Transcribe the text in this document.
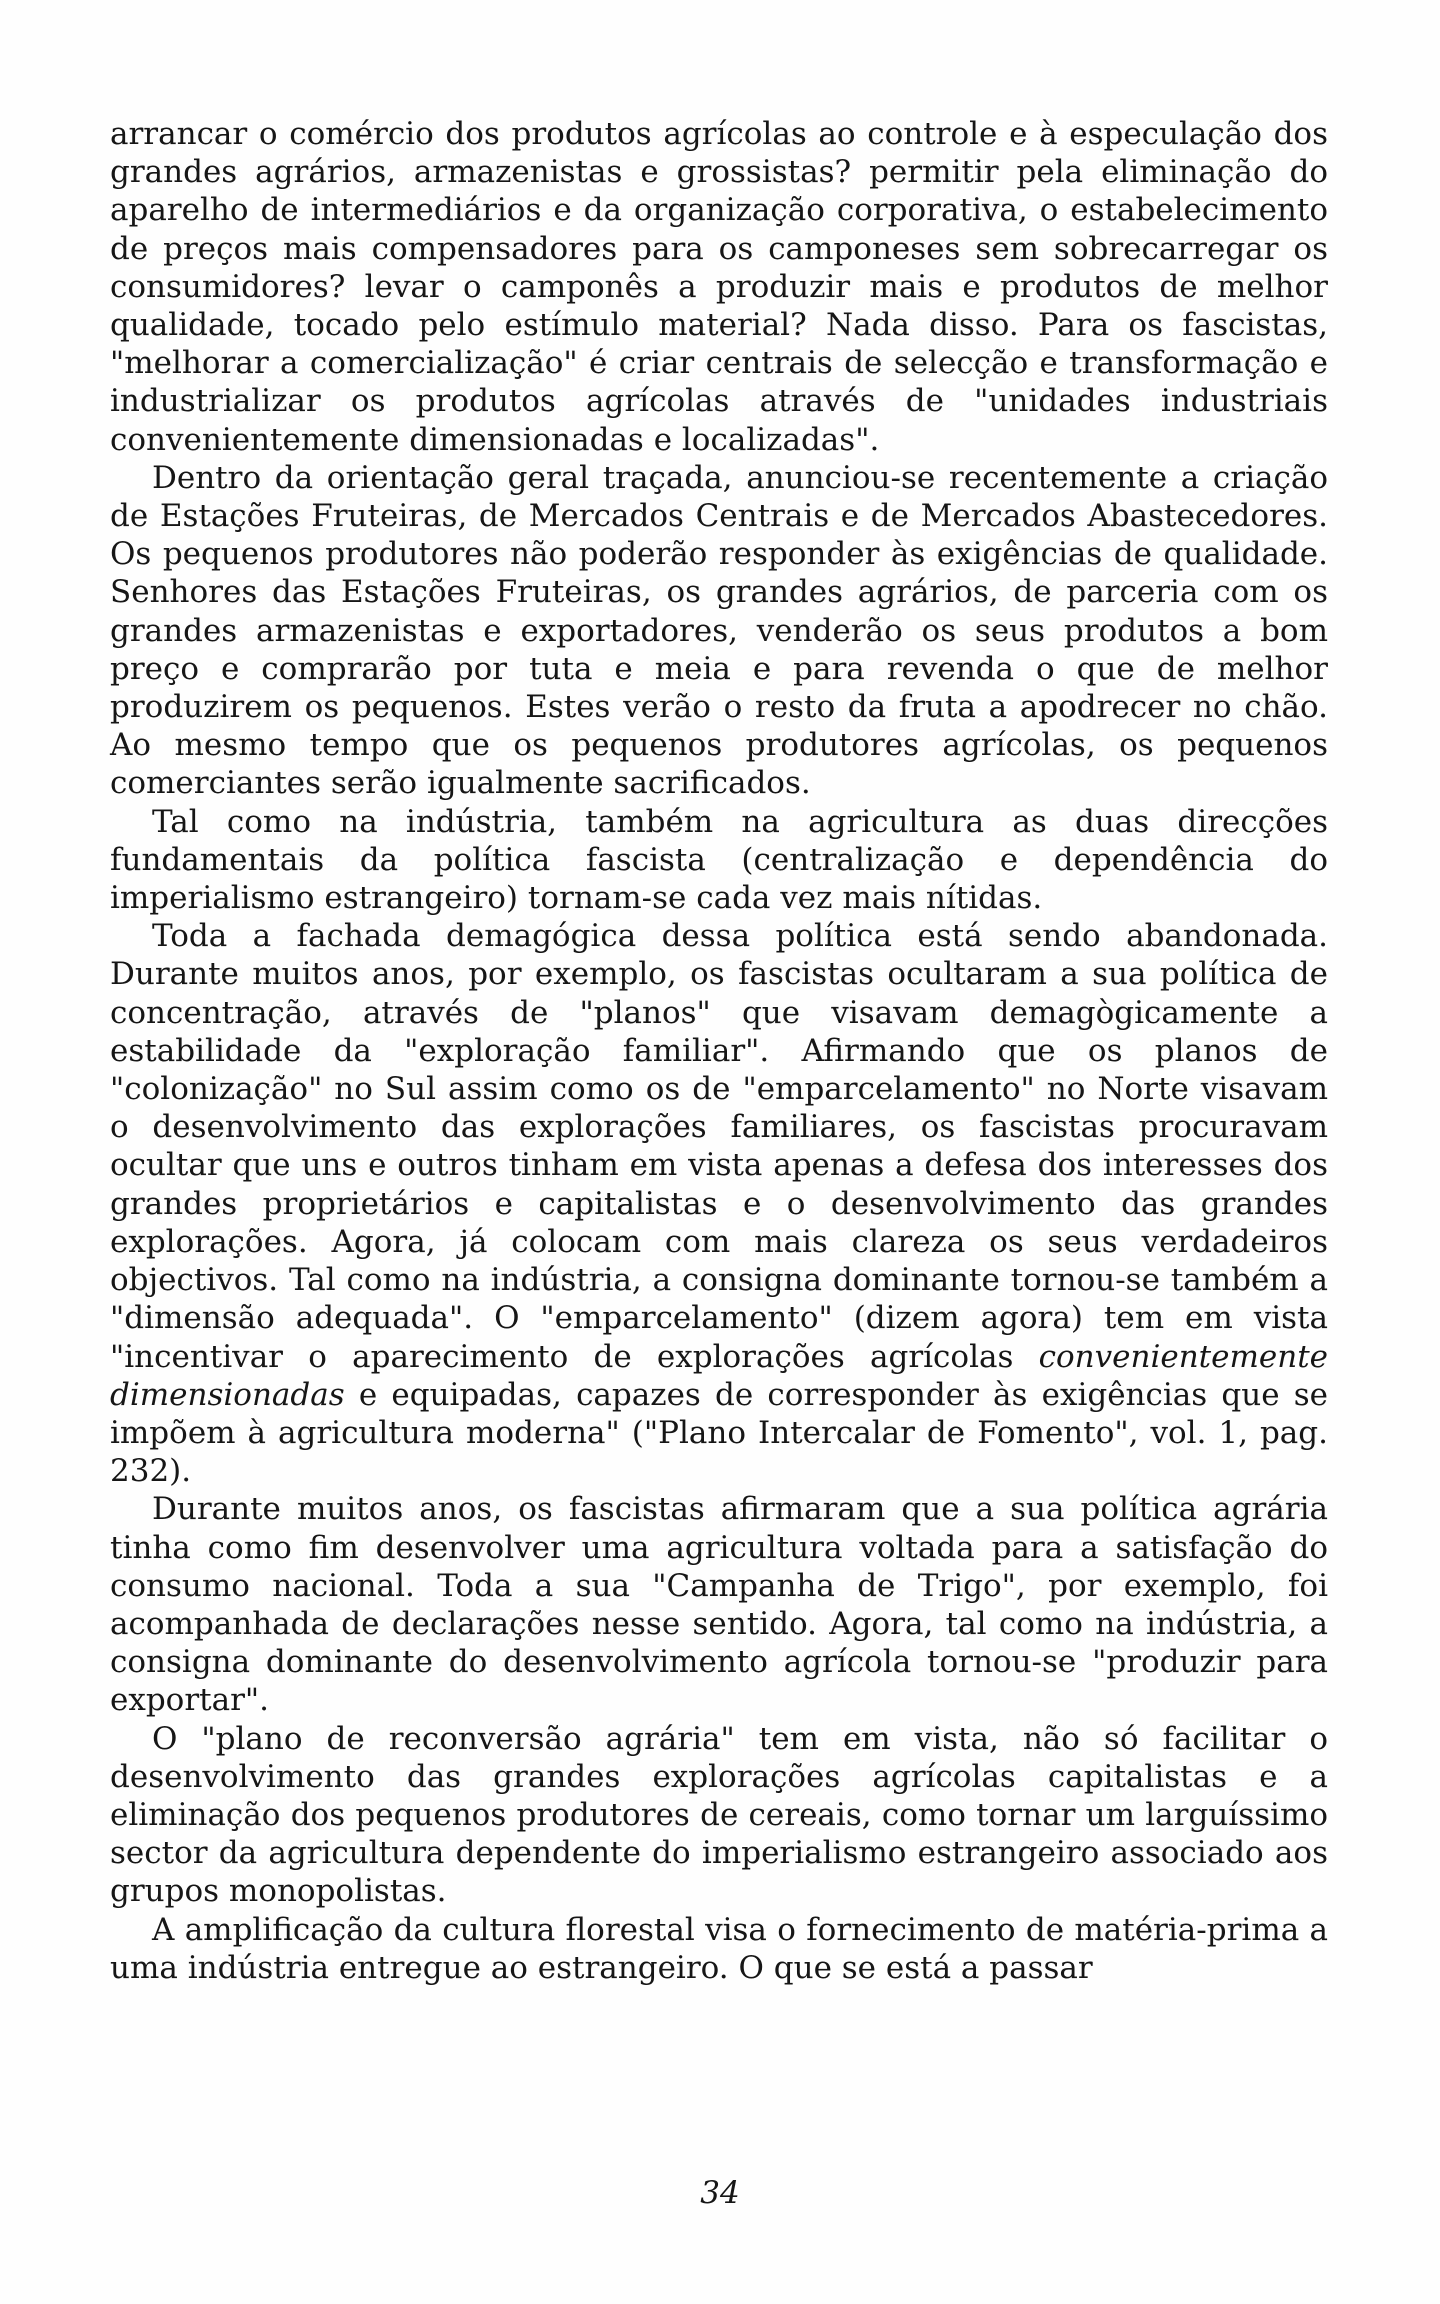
arrancar o comércio dos produtos agrícolas ao controle e à especulação dos grandes agrários, armazenistas e grossistas? permitir pela eliminação do aparelho de intermediários e da organização corporativa, o estabelecimento de preços mais compensadores para os camponeses sem sobrecarregar os consumidores? levar o camponês a produzir mais e produtos de melhor qualidade, tocado pelo estímulo material? Nada disso. Para os fascistas, "melhorar a comercialização" é criar centrais de selecção e transformação e industrializar os produtos agrícolas através de "unidades industriais convenientemente dimensionadas e localizadas".

Dentro da orientação geral traçada, anunciou-se recentemente a criação de Estações Fruteiras, de Mercados Centrais e de Mercados Abastecedores. Os pequenos produtores não poderão responder às exigências de qualidade. Senhores das Estações Fruteiras, os grandes agrários, de parceria com os grandes armazenistas e exportadores, venderão os seus produtos a bom preço e comprarão por tuta e meia e para revenda o que de melhor produzirem os pequenos. Estes verão o resto da fruta a apodrecer no chão. Ao mesmo tempo que os pequenos produtores agrícolas, os pequenos comerciantes serão igualmente sacrificados.

Tal como na indústria, também na agricultura as duas direcções fundamentais da política fascista (centralização e dependência do imperialismo estrangeiro) tornam-se cada vez mais nítidas.

Toda a fachada demagógica dessa política está sendo abandonada. Durante muitos anos, por exemplo, os fascistas ocultaram a sua política de concentração, através de "planos" que visavam demagògicamente a estabilidade da "exploração familiar". Afirmando que os planos de "colonização" no Sul assim como os de "emparcelamento" no Norte visavam o desenvolvimento das explorações familiares, os fascistas procuravam ocultar que uns e outros tinham em vista apenas a defesa dos interesses dos grandes proprietários e capitalistas e o desenvolvimento das grandes explorações. Agora, já colocam com mais clareza os seus verdadeiros objectivos. Tal como na indústria, a consigna dominante tornou-se também a "dimensão adequada". O "emparcelamento" (dizem agora) tem em vista "incentivar o aparecimento de explorações agrícolas convenientemente dimensionadas e equipadas, capazes de corresponder às exigências que se impõem à agricultura moderna" ("Plano Intercalar de Fomento", vol. 1, pag. 232).

Durante muitos anos, os fascistas afirmaram que a sua política agrária tinha como fim desenvolver uma agricultura voltada para a satisfação do consumo nacional. Toda a sua "Campanha de Trigo", por exemplo, foi acompanhada de declarações nesse sentido. Agora, tal como na indústria, a consigna dominante do desenvolvimento agrícola tornou-se "produzir para exportar".

O "plano de reconversão agrária" tem em vista, não só facilitar o desenvolvimento das grandes explorações agrícolas capitalistas e a eliminação dos pequenos produtores de cereais, como tornar um larguíssimo sector da agricultura dependente do imperialismo estrangeiro associado aos grupos monopolistas.

A amplificação da cultura florestal visa o fornecimento de matéria-prima a uma indústria entregue ao estrangeiro. O que se está a passar

34
